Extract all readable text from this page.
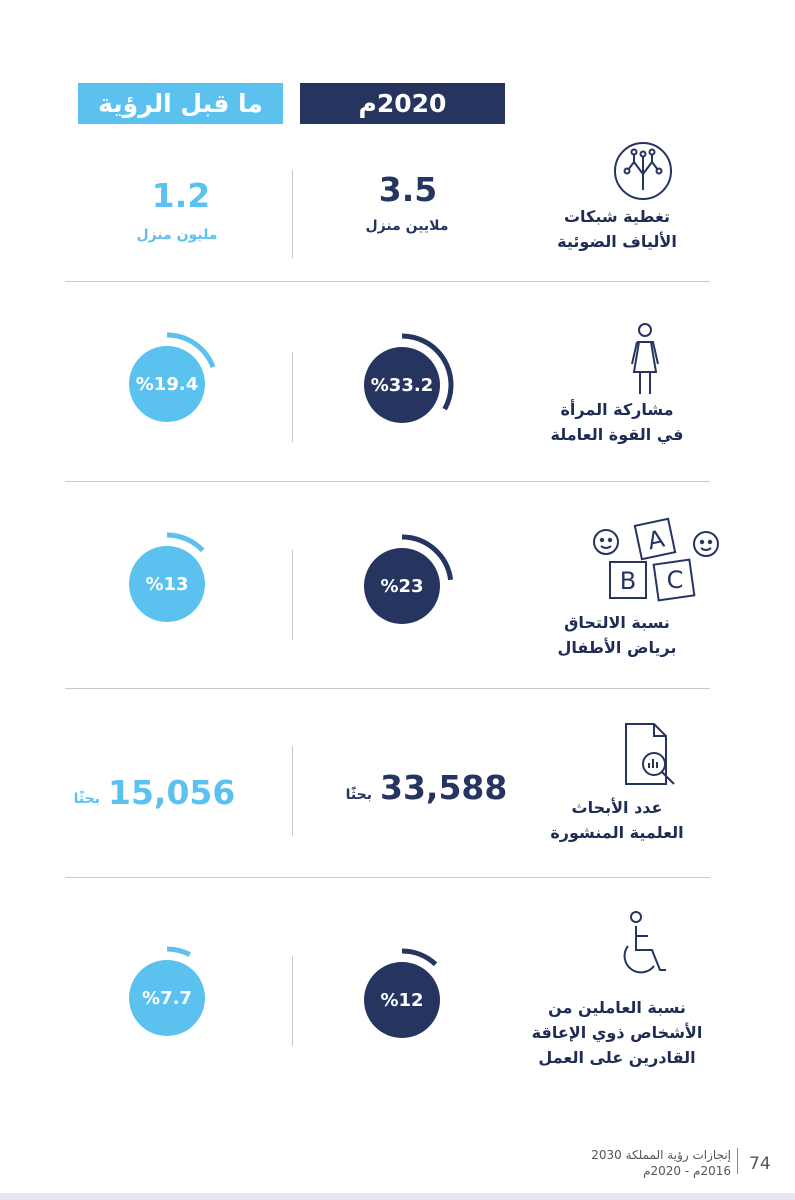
2020م
ما قبل الرؤية
تغطية شبكات
الألياف الضوئية
3.5
ملايين منزل
1.2
مليون منزل
مشاركة المرأة
في القوة العاملة
%33.2
%19.4
A
B C
نسبة الالتحاق
برياض الأطفال
%23
%13
عدد الأبحاث
العلمية المنشورة
33,588
بحثًا
15,056
بحثًا
نسبة العاملين من
الأشخاص ذوي الإعاقة
القادرين على العمل
%12
%7.7
74
إنجازات رؤية المملكة 2030
2016م - 2020م
